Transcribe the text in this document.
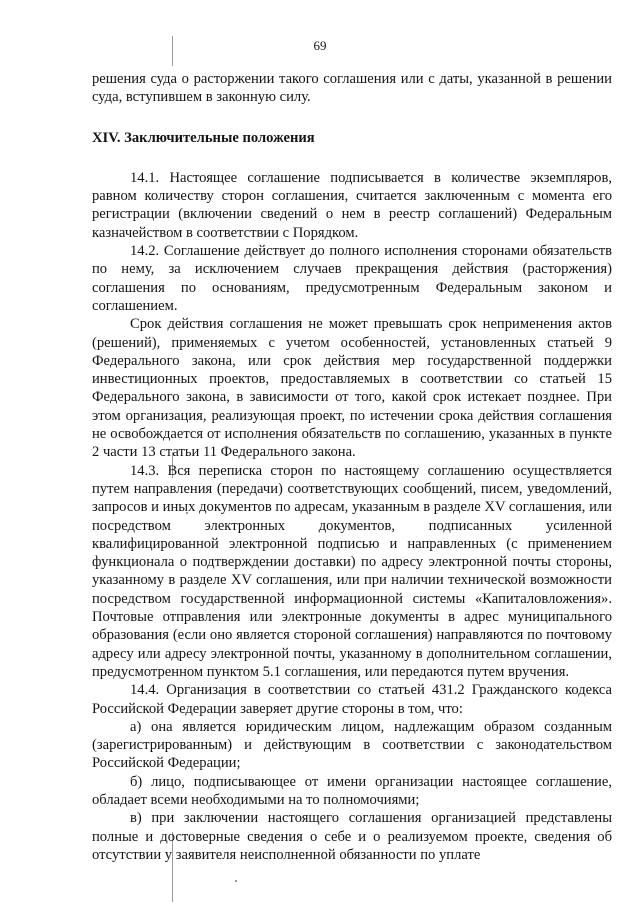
69

решения суда о расторжении такого соглашения или с даты, указанной в решении суда, вступившем в законную силу.

XIV. Заключительные положения

14.1. Настоящее соглашение подписывается в количестве экземпляров, равном количеству сторон соглашения, считается заключенным с момента его регистрации (включении сведений о нем в реестр соглашений) Федеральным казначейством в соответствии с Порядком.

14.2. Соглашение действует до полного исполнения сторонами обязательств по нему, за исключением случаев прекращения действия (расторжения) соглашения по основаниям, предусмотренным Федеральным законом и соглашением.

Срок действия соглашения не может превышать срок неприменения актов (решений), применяемых с учетом особенностей, установленных статьей 9 Федерального закона, или срок действия мер государственной поддержки инвестиционных проектов, предоставляемых в соответствии со статьей 15 Федерального закона, в зависимости от того, какой срок истекает позднее. При этом организация, реализующая проект, по истечении срока действия соглашения не освобождается от исполнения обязательств по соглашению, указанных в пункте 2 части 13 статьи 11 Федерального закона.

14.3. Вся переписка сторон по настоящему соглашению осуществляется путем направления (передачи) соответствующих сообщений, писем, уведомлений, запросов и иных документов по адресам, указанным в разделе XV соглашения, или посредством электронных документов, подписанных усиленной квалифицированной электронной подписью и направленных (с применением функционала о подтверждении доставки) по адресу электронной почты стороны, указанному в разделе XV соглашения, или при наличии технической возможности посредством государственной информационной системы «Капиталовложения». Почтовые отправления или электронные документы в адрес муниципального образования (если оно является стороной соглашения) направляются по почтовому адресу или адресу электронной почты, указанному в дополнительном соглашении, предусмотренном пунктом 5.1 соглашения, или передаются путем вручения.

14.4. Организация в соответствии со статьей 431.2 Гражданского кодекса Российской Федерации заверяет другие стороны в том, что:

а) она является юридическим лицом, надлежащим образом созданным (зарегистрированным) и действующим в соответствии с законодательством Российской Федерации;

б) лицо, подписывающее от имени организации настоящее соглашение, обладает всеми необходимыми на то полномочиями;

в) при заключении настоящего соглашения организацией представлены полные и достоверные сведения о себе и о реализуемом проекте, сведения об отсутствии у заявителя неисполненной обязанности по уплате
